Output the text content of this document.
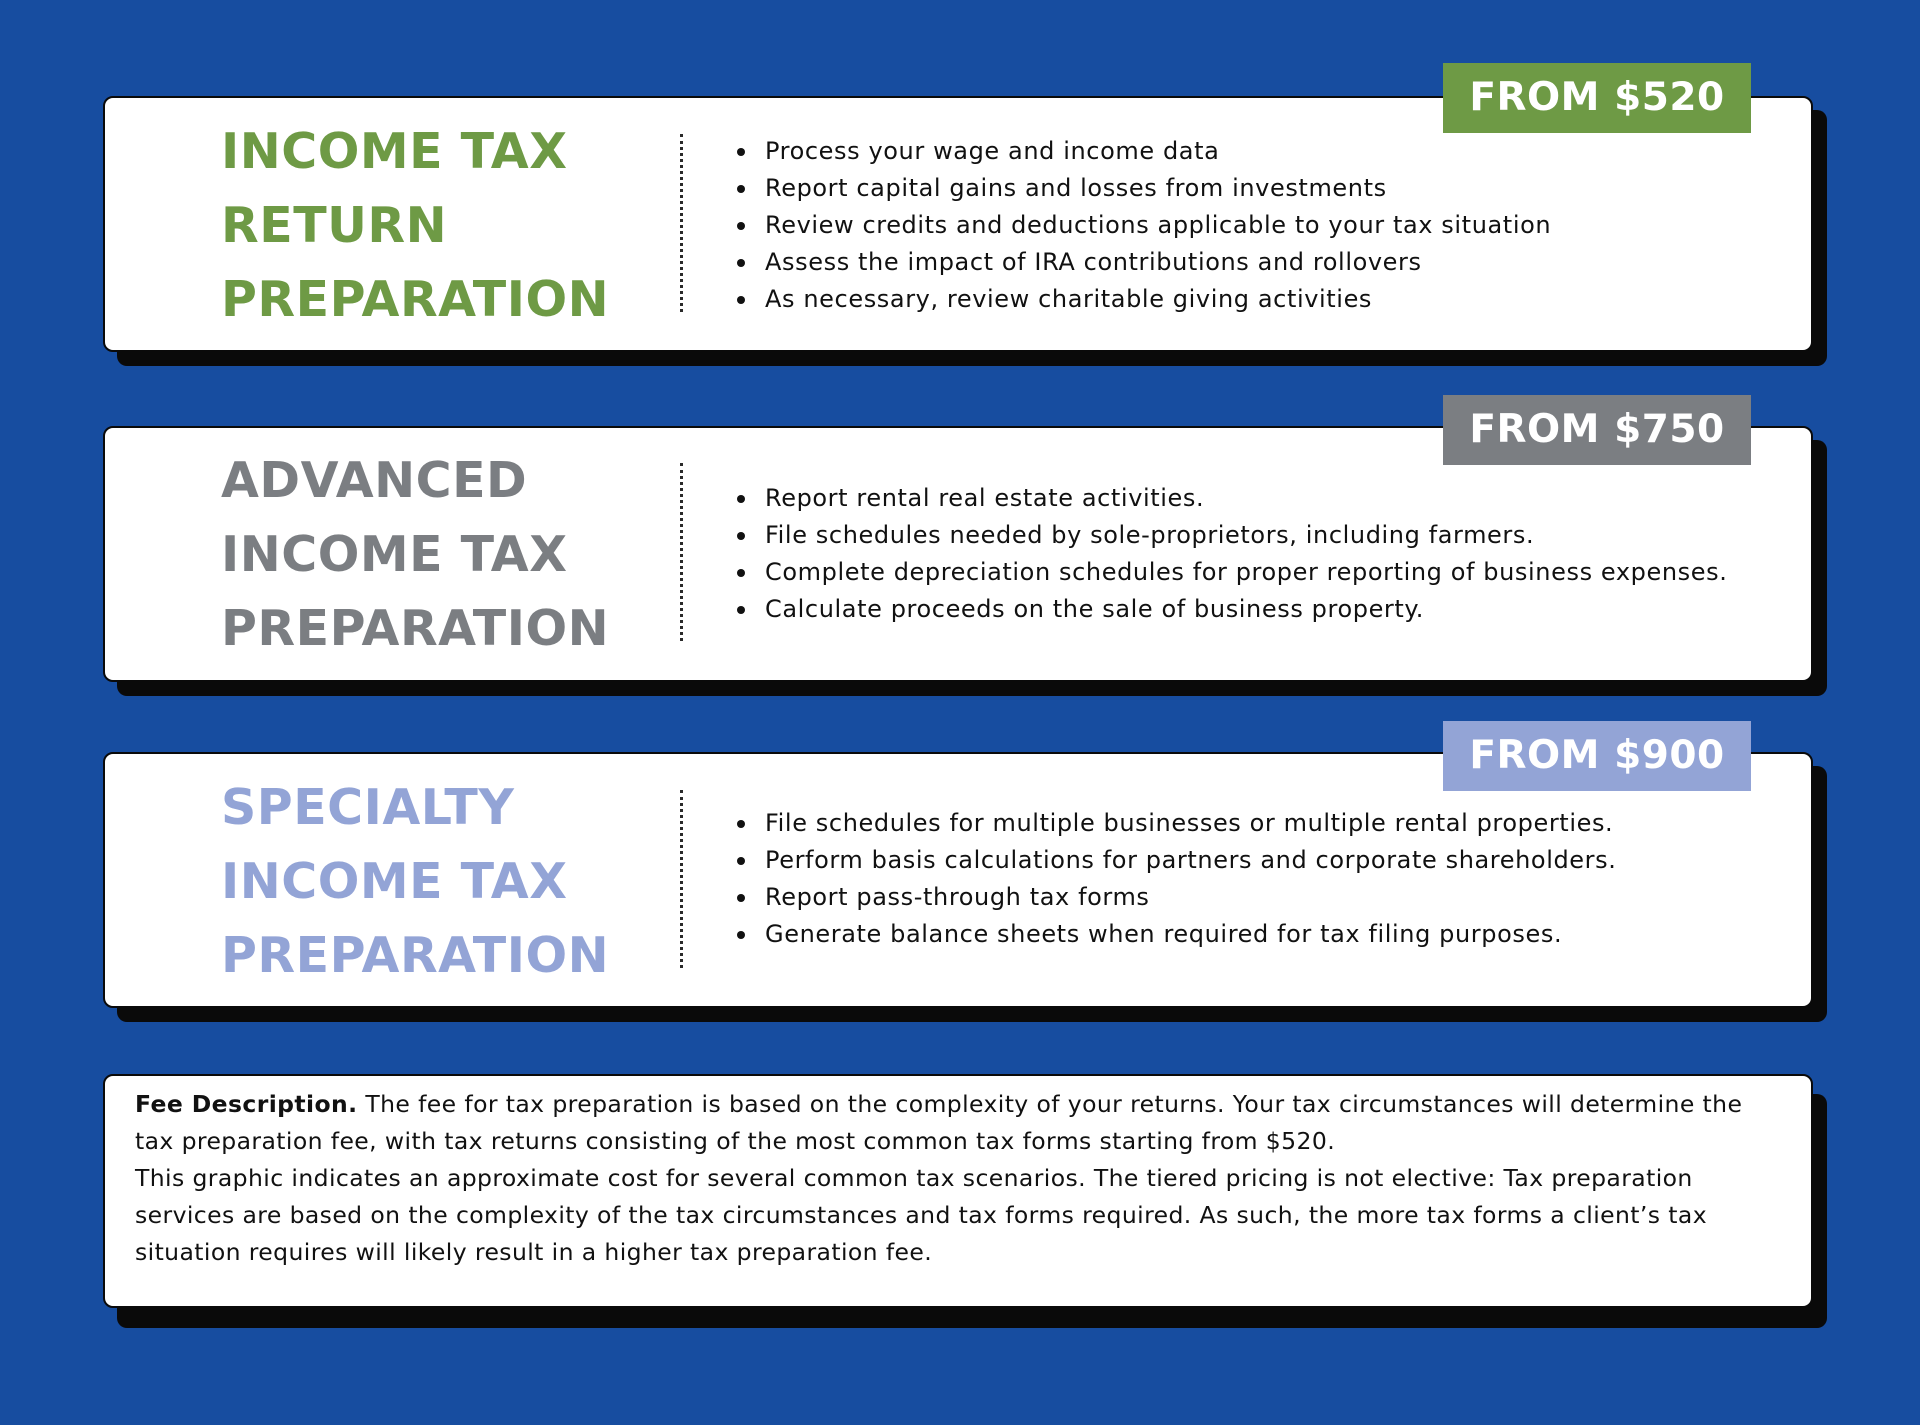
INCOME TAX
RETURN
PREPARATION
Process your wage and income data
Report capital gains and losses from investments
Review credits and deductions applicable to your tax situation
Assess the impact of IRA contributions and rollovers
As necessary, review charitable giving activities
FROM $520
ADVANCED
INCOME TAX
PREPARATION
Report rental real estate activities.
File schedules needed by sole-proprietors, including farmers.
Complete depreciation schedules for proper reporting of business expenses.
Calculate proceeds on the sale of business property.
FROM $750
SPECIALTY
INCOME TAX
PREPARATION
File schedules for multiple businesses or multiple rental properties.
Perform basis calculations for partners and corporate shareholders.
Report pass-through tax forms
Generate balance sheets when required for tax filing purposes.
FROM $900

Fee Description. The fee for tax preparation is based on the complexity of your returns. Your tax circumstances will determine the tax preparation fee, with tax returns consisting of the most common tax forms starting from $520.

This graphic indicates an approximate cost for several common tax scenarios. The tiered pricing is not elective: Tax preparation services are based on the complexity of the tax circumstances and tax forms required. As such, the more tax forms a client’s tax situation requires will likely result in a higher tax preparation fee.
